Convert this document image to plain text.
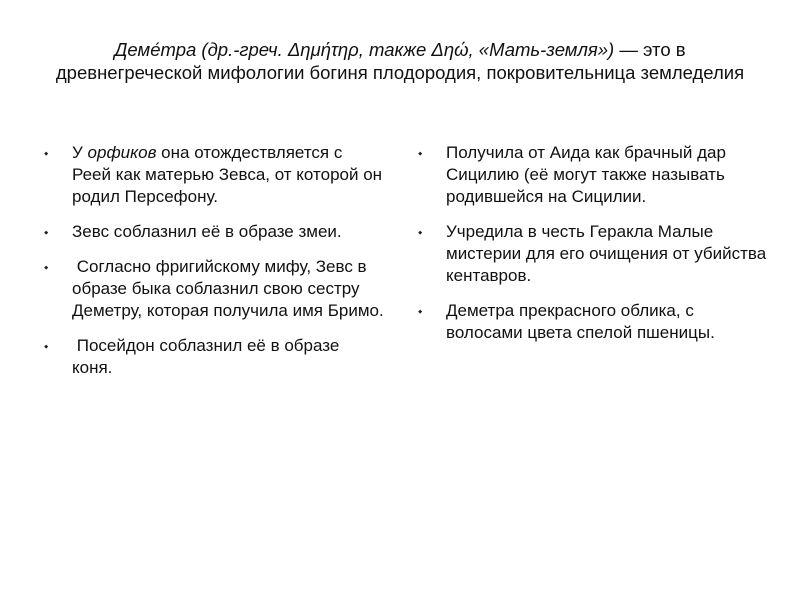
Деме́тра (др.-греч. Δημήτηρ, также Δηώ, «Мать-земля») — это в древнегреческой мифологии богиня плодородия, покровительница земледелия
⬩ У орфиков она отождествляется с Реей как матерью Зевса, от которой он родил Персефону.
⬩ Зевс соблазнил её в образе змеи.
⬩ Согласно фригийскому мифу, Зевс в образе быка соблазнил свою сестру Деметру, которая получила имя Бримо.
⬩ Посейдон соблазнил её в образе коня.
⬩ Получила от Аида как брачный дар Сицилию (её могут также называть родившейся на Сицилии.
⬩ Учредила в честь Геракла Малые мистерии для его очищения от убийства кентавров.
⬩ Деметра прекрасного облика, с волосами цвета спелой пшеницы.
